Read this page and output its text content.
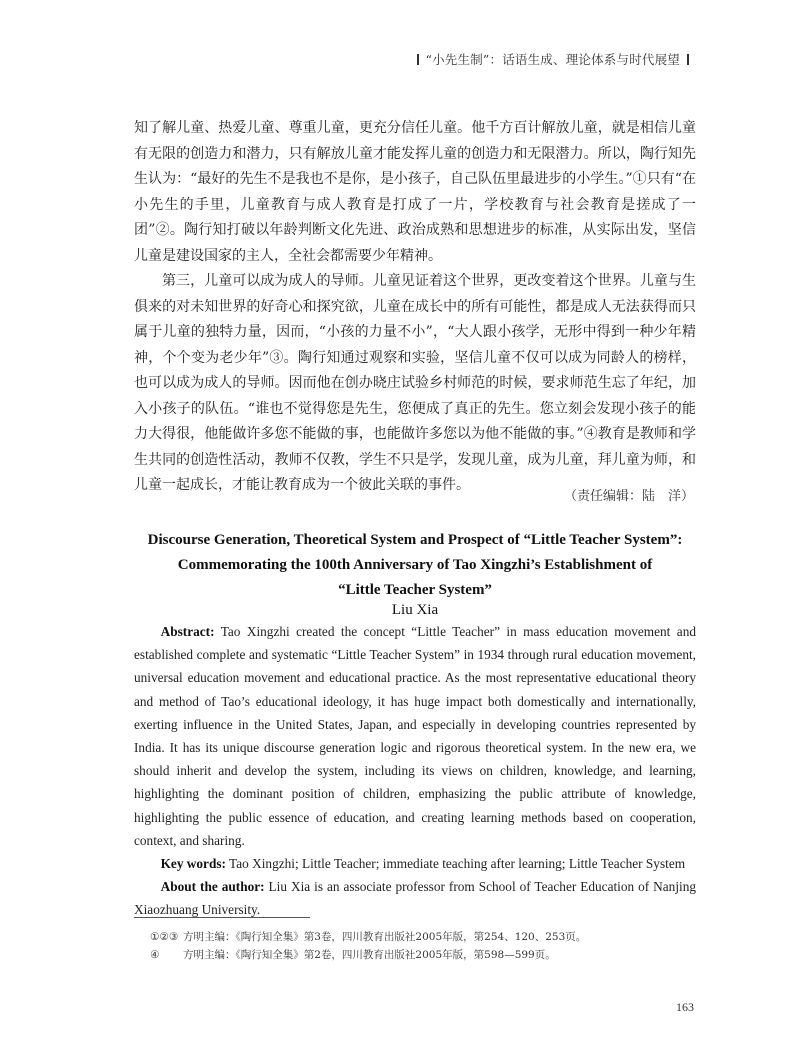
“小先生制”：话语生成、理论体系与时代展望

知了解儿童、热爱儿童、尊重儿童，更充分信任儿童。他千方百计解放儿童，就是相信儿童有无限的创造力和潜力，只有解放儿童才能发挥儿童的创造力和无限潜力。所以，陶行知先生认为：“最好的先生不是我也不是你，是小孩子，自己队伍里最进步的小学生。”①只有“在小先生的手里，儿童教育与成人教育是打成了一片，学校教育与社会教育是搓成了一团”②。陶行知打破以年龄判断文化先进、政治成熟和思想进步的标准，从实际出发，坚信儿童是建设国家的主人，全社会都需要少年精神。

第三，儿童可以成为成人的导师。儿童见证着这个世界，更改变着这个世界。儿童与生俱来的对未知世界的好奇心和探究欲，儿童在成长中的所有可能性，都是成人无法获得而只属于儿童的独特力量，因而，“小孩的力量不小”，“大人跟小孩学，无形中得到一种少年精神，个个变为老少年”③。陶行知通过观察和实验，坚信儿童不仅可以成为同龄人的榜样，也可以成为成人的导师。因而他在创办晓庄试验乡村师范的时候，要求师范生忘了年纪，加入小孩子的队伍。“谁也不觉得您是先生，您便成了真正的先生。您立刻会发现小孩子的能力大得很，他能做许多您不能做的事，也能做许多您以为他不能做的事。”④教育是教师和学生共同的创造性活动，教师不仅教，学生不只是学，发现儿童，成为儿童，拜儿童为师，和儿童一起成长，才能让教育成为一个彼此关联的事件。

（责任编辑：陆　洋）
Discourse Generation, Theoretical System and Prospect of “Little Teacher System”:
Commemorating the 100th Anniversary of Tao Xingzhi’s Establishment of
“Little Teacher System”
Liu Xia

Abstract: Tao Xingzhi created the concept “Little Teacher” in mass education movement and established complete and systematic “Little Teacher System” in 1934 through rural education movement, universal education movement and educational practice. As the most representative educational theory and method of Tao’s educational ideology, it has huge impact both domestically and internationally, exerting influence in the United States, Japan, and especially in developing countries represented by India. It has its unique discourse generation logic and rigorous theoretical system. In the new era, we should inherit and develop the system, including its views on children, knowledge, and learning, highlighting the dominant position of children, emphasizing the public attribute of knowledge, highlighting the public essence of education, and creating learning methods based on cooperation, context, and sharing.

Key words: Tao Xingzhi; Little Teacher; immediate teaching after learning; Little Teacher System

About the author: Liu Xia is an associate professor from School of Teacher Education of Nanjing Xiaozhuang University.

①②③ 方明主编：《陶行知全集》第3卷，四川教育出版社2005年版，第254、120、253页。
④ 方明主编：《陶行知全集》第2卷，四川教育出版社2005年版，第598—599页。
163
